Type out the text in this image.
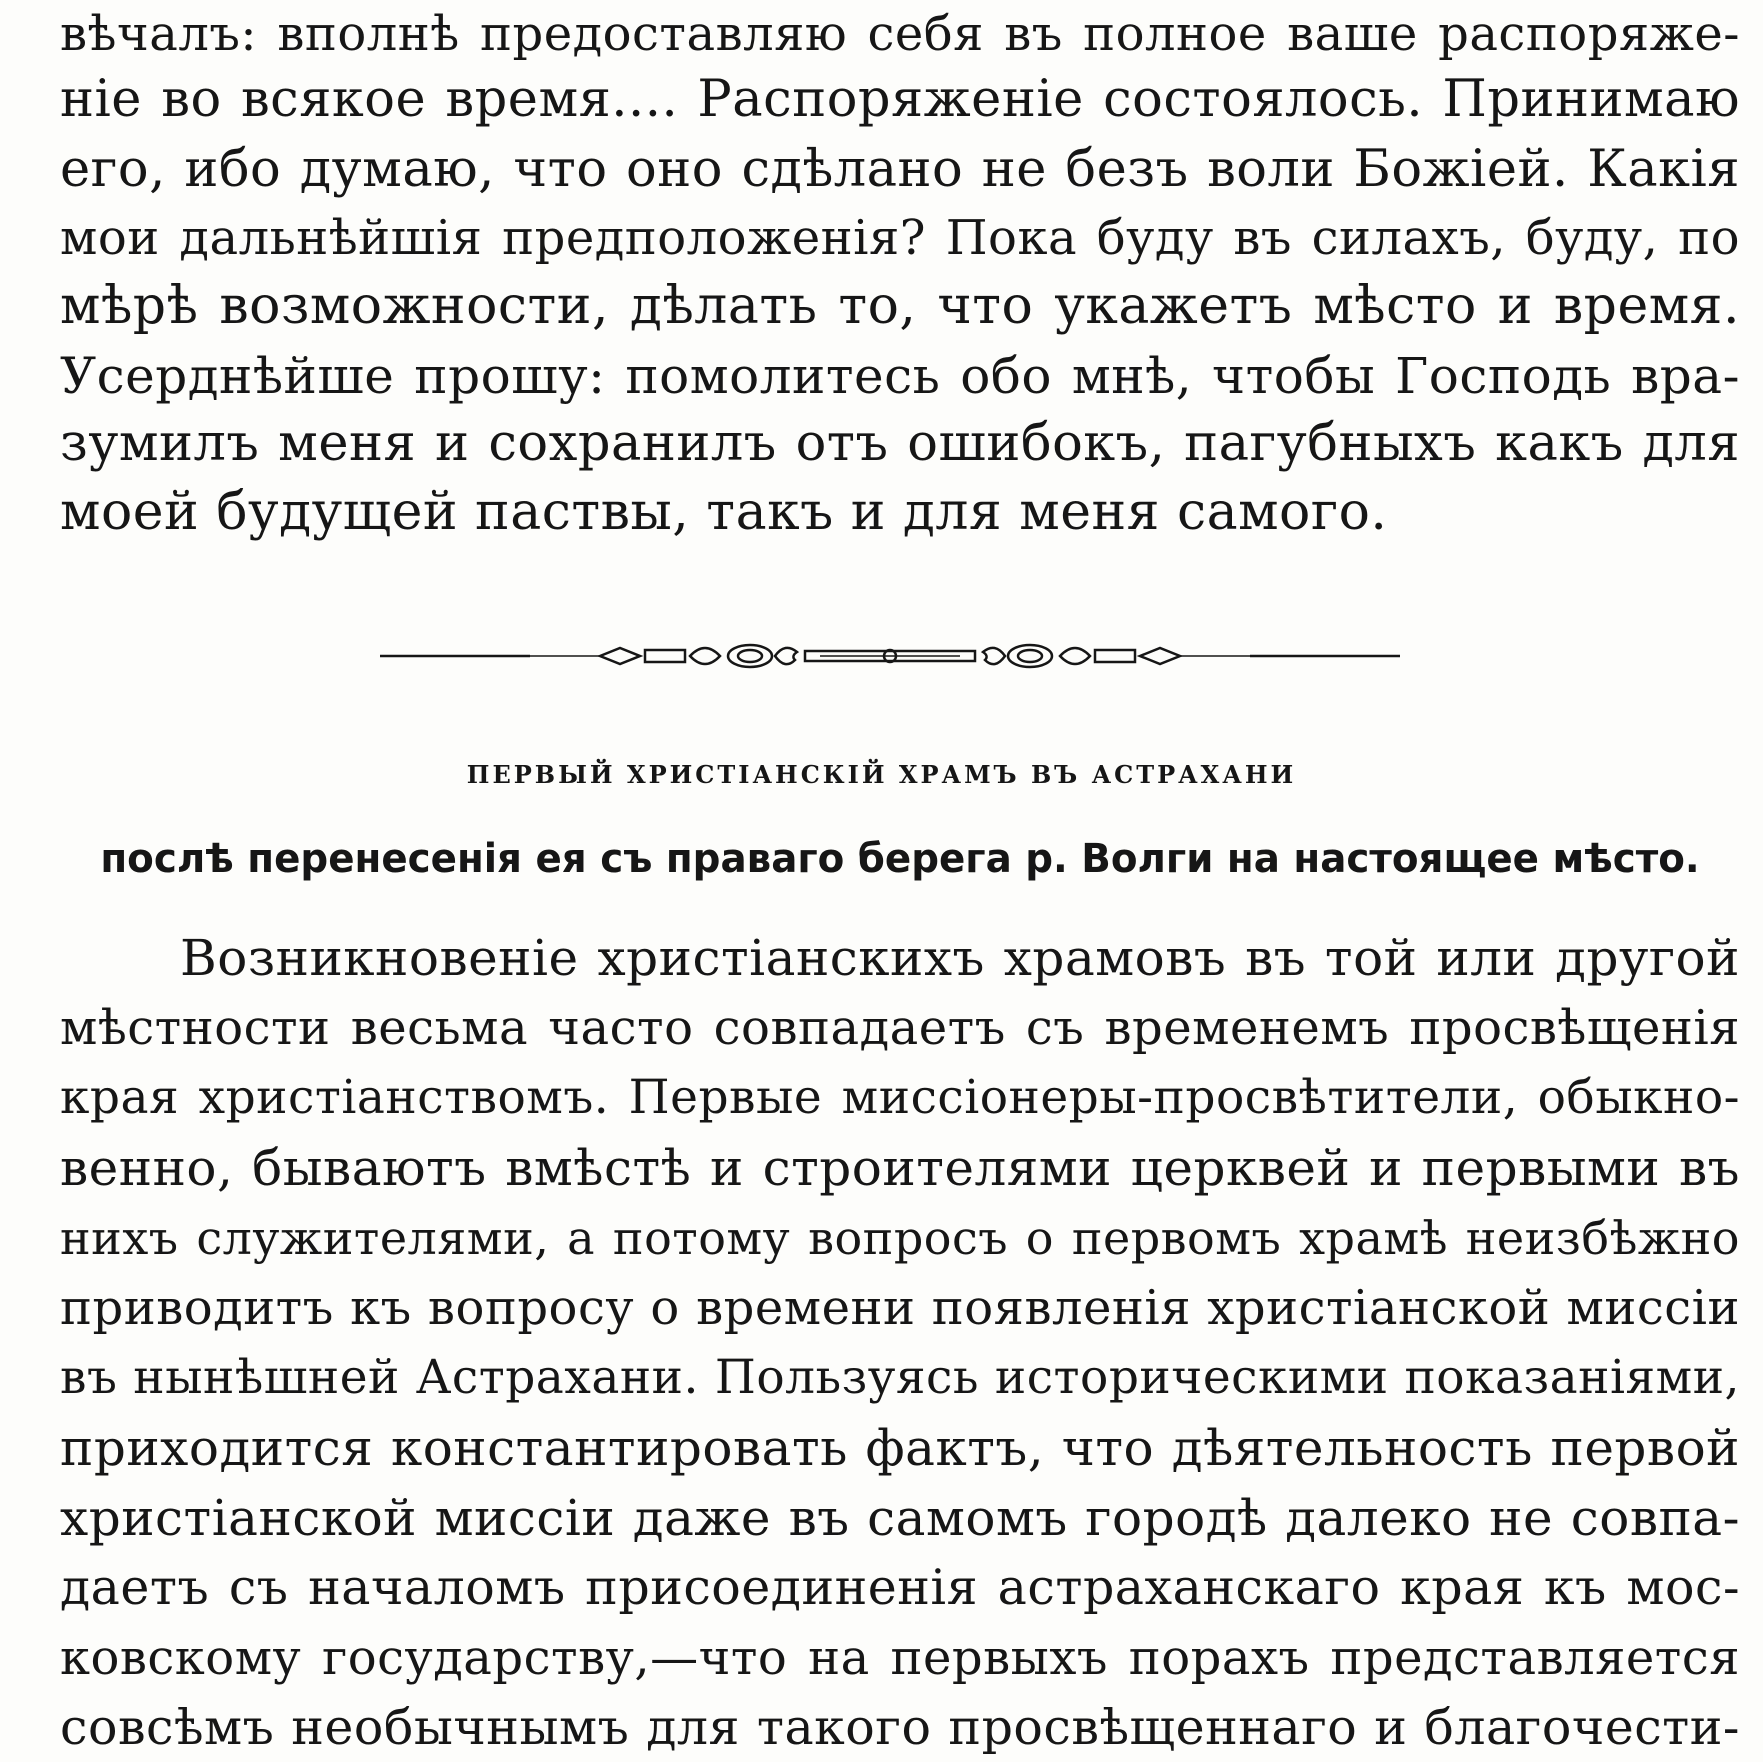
вѣчалъ: вполнѣ предоставляю себя въ полное ваше распоряже-
нiе во всякое время.... Распоряженiе состоялось. Принимаю
его, ибо думаю, что оно сдѣлано не безъ воли Божiей. Какiя
мои дальнѣйшiя предположенiя? Пока буду въ силахъ, буду, по
мѣрѣ возможности, дѣлать то, что укажетъ мѣсто и время.
Усерднѣйше прошу: помолитесь обо мнѣ, чтобы Господь вра-
зумилъ меня и сохранилъ отъ ошибокъ, пагубныхъ какъ для
моей будущей паствы, такъ и для меня самого.
ПЕРВЫЙ ХРИСТIАНСКIЙ ХРАМЪ ВЪ АСТРАХАНИ
послѣ перенесенiя ея съ праваго берега р. Волги на настоящее мѣсто.
Возникновенiе христiанскихъ храмовъ въ той или другой
мѣстности весьма часто совпадаетъ съ временемъ просвѣщенiя
края христiанствомъ. Первые миссiонеры-просвѣтители, обыкно-
венно, бываютъ вмѣстѣ и строителями церквей и первыми въ
нихъ служителями, а потому вопросъ о первомъ храмѣ неизбѣжно
приводитъ къ вопросу о времени появленiя христiанской миссiи
въ нынѣшней Астрахани. Пользуясь историческими показанiями,
приходится константировать фактъ, что дѣятельность первой
христiанской миссiи даже въ самомъ городѣ далеко не совпа-
даетъ съ началомъ присоединенiя астраханскаго края къ мос-
ковскому государству,—что на первыхъ порахъ представляется
совсѣмъ необычнымъ для такого просвѣщеннаго и благочести-
